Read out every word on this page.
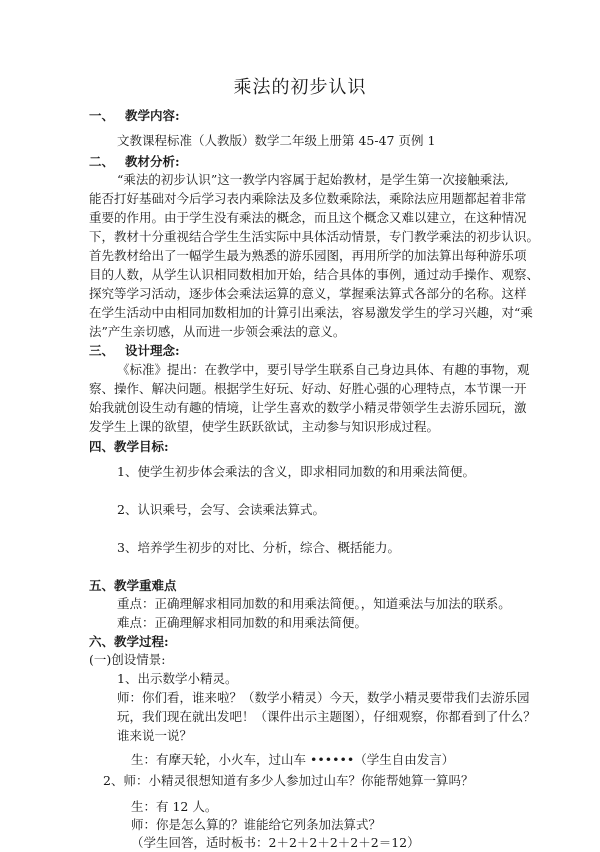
乘法的初步认识
一、 教学内容:
文教课程标准（人教版）数学二年级上册第 45-47 页例 1
二、 教材分析:
“乘法的初步认识”这一教学内容属于起始教材，是学生第一次接触乘法,
能否打好基础对今后学习表内乘除法及多位数乘除法，乘除法应用题都起着非常
重要的作用。由于学生没有乘法的概念，而且这个概念又难以建立，在这种情况
下，教材十分重视结合学生生活实际中具体活动情景，专门教学乘法的初步认识。
首先教材给出了一幅学生最为熟悉的游乐园图，再用所学的加法算出每种游乐项
目的人数，从学生认识相同数相加开始，结合具体的事例，通过动手操作、观察、
探究等学习活动，逐步体会乘法运算的意义，掌握乘法算式各部分的名称。这样
在学生活动中由相同加数相加的计算引出乘法，容易激发学生的学习兴趣，对“乘
法”产生亲切感，从而进一步领会乘法的意义。
三、 设计理念:
《标准》提出：在教学中，要引导学生联系自己身边具体、有趣的事物，观
察、操作、解决问题。根据学生好玩、好动、好胜心强的心理特点，本节课一开
始我就创设生动有趣的情境，让学生喜欢的数学小精灵带领学生去游乐园玩，激
发学生上课的欲望，使学生跃跃欲试，主动参与知识形成过程。
四、教学目标:
1、使学生初步体会乘法的含义，即求相同加数的和用乘法简便。
2、认识乘号，会写、会读乘法算式。
3、培养学生初步的对比、分析，综合、概括能力。
五、教学重难点
重点：正确理解求相同加数的和用乘法简便。，知道乘法与加法的联系。
难点：正确理解求相同加数的和用乘法简便。
六、教学过程:
(一)创设情景:
1、出示数学小精灵。
师：你们看，谁来啦？（数学小精灵）今天，数学小精灵要带我们去游乐园
玩，我们现在就出发吧！（课件出示主题图），仔细观察，你都看到了什么？
谁来说一说？
生：有摩天轮，小火车，过山车 ••••••（学生自由发言）
2、师：小精灵很想知道有多少人参加过山车？你能帮她算一算吗？
生：有 12 人。
师：你是怎么算的？谁能给它列条加法算式？
（学生回答，适时板书：2＋2＋2＋2＋2＋2＝12）
